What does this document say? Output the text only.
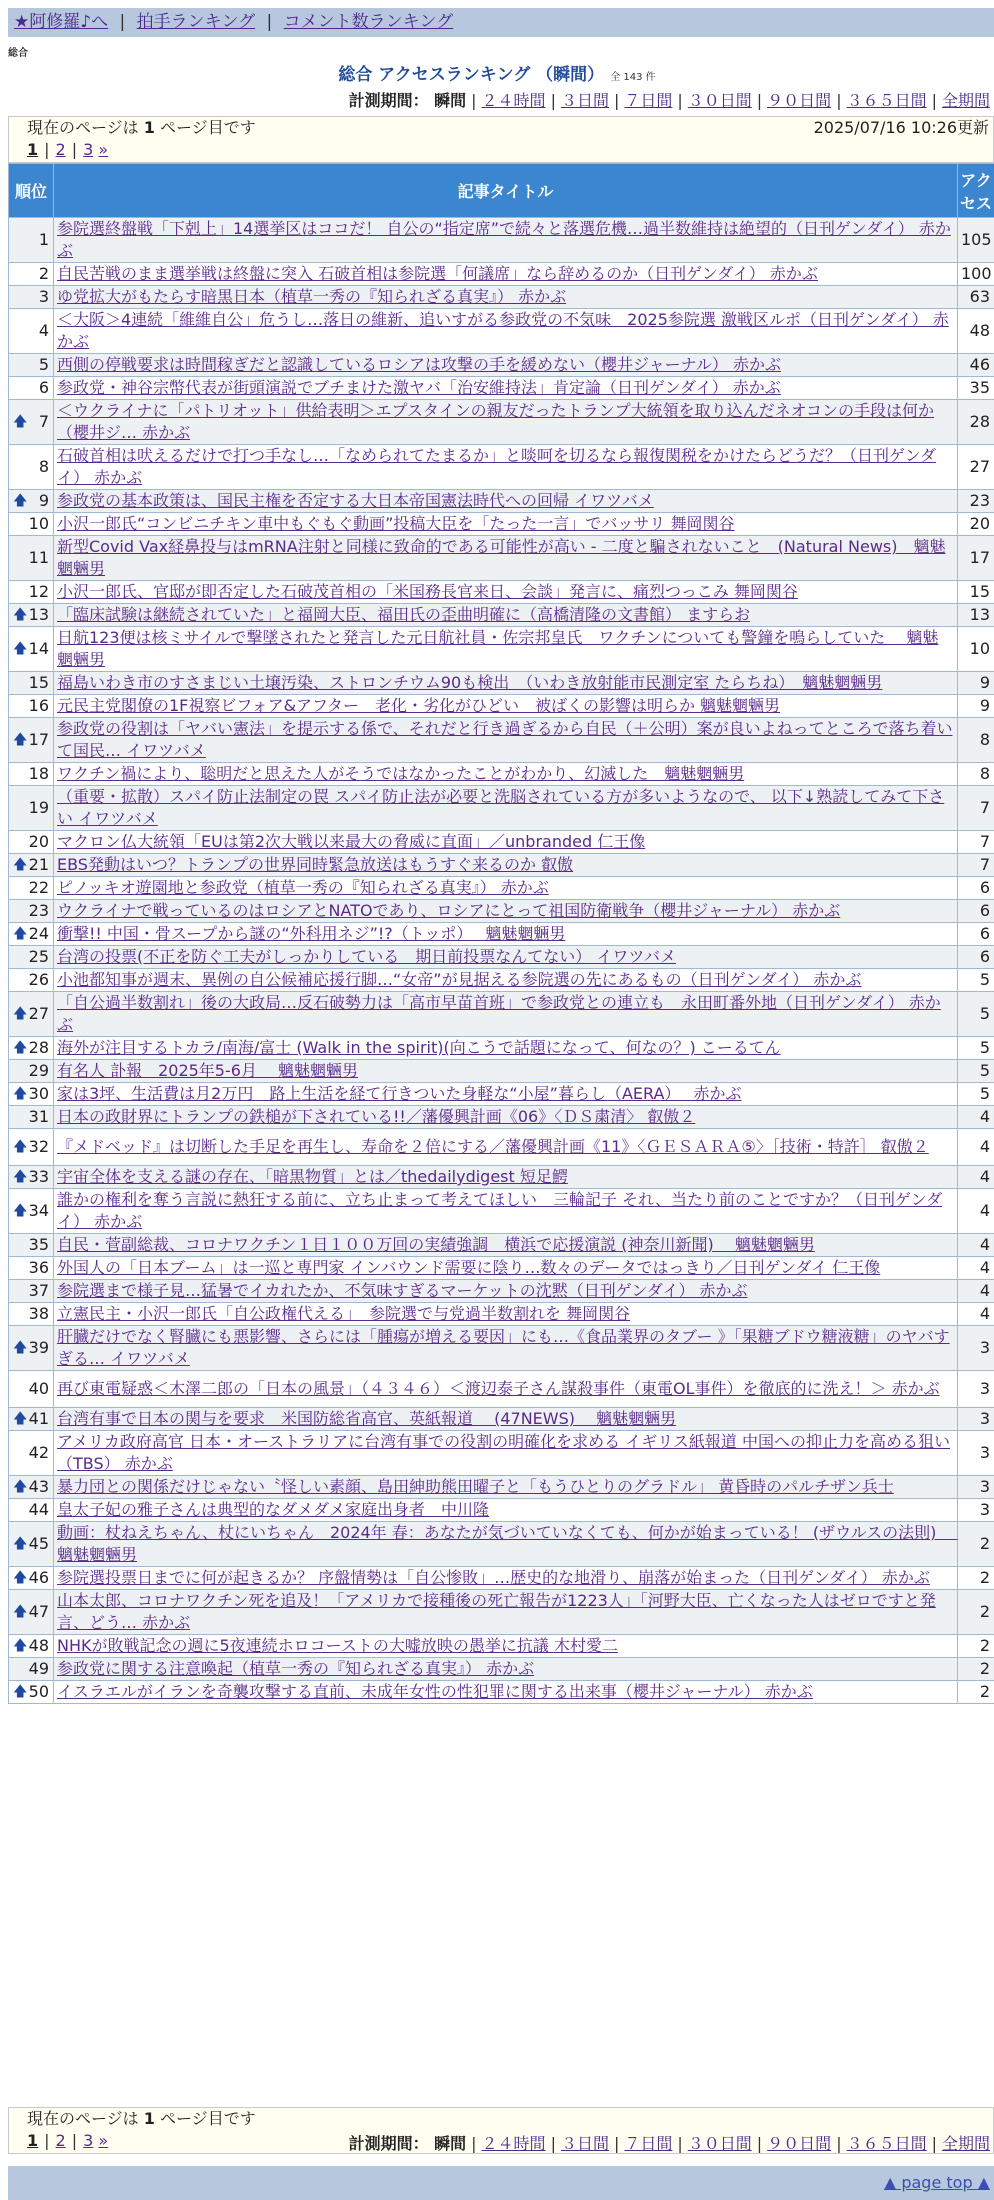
★阿修羅♪へ | 拍手ランキング | コメント数ランキング
総合
総合 アクセスランキング （瞬間） 全 143 件
計測期間： 瞬間 | ２４時間 | ３日間 | ７日間 | ３０日間 | ９０日間 | ３６５日間 | 全期間
現在のページは 1 ページ目です	2025/07/16 10:26更新
1 | 2 | 3 »
順位	記事タイトル	アクセス
1	参院選終盤戦「下剋上」14選挙区はココだ！ 自公の“指定席”で続々と落選危機…過半数維持は絶望的（日刊ゲンダイ） 赤かぶ	105
2	自民苦戦のまま選挙戦は終盤に突入 石破首相は参院選「何議席」なら辞めるのか（日刊ゲンダイ） 赤かぶ	100
3	ゆ党拡大がもたらす暗黒日本（植草一秀の『知られざる真実』） 赤かぶ	63
4	＜大阪＞4連続「維維自公」危うし…落日の維新、追いすがる参政党の不気味　2025参院選 激戦区ルポ（日刊ゲンダイ） 赤かぶ	48
5	西側の停戦要求は時間稼ぎだと認識しているロシアは攻撃の手を緩めない（櫻井ジャーナル） 赤かぶ	46
6	参政党・神谷宗幣代表が街頭演説でブチまけた激ヤバ「治安維持法」肯定論（日刊ゲンダイ） 赤かぶ	35

🡅 7	＜ウクライナに「パトリオット」供給表明＞エプスタインの親友だったトランプ大統領を取り込んだネオコンの手段は何か（櫻井ジ… 赤かぶ	28
8	石破首相は吠えるだけで打つ手なし…「なめられてたまるか」と啖呵を切るなら報復関税をかけたらどうだ？（日刊ゲンダイ） 赤かぶ	27

🡅 9	参政党の基本政策は、国民主権を否定する大日本帝国憲法時代への回帰 イワツバメ	23
10	小沢一郎氏“コンビニチキン車中もぐもぐ動画”投稿大臣を「たった一言」でバッサリ 舞岡関谷	20
11	新型Covid Vax経鼻投与はmRNA注射と同様に致命的である可能性が高い - 二度と騙されないこと　(Natural News)　魑魅魍魎男	17
12	小沢一郎氏、官邸が即否定した石破茂首相の「米国務長官来日、会談」発言に、痛烈つっこみ 舞岡関谷	15

🡅 13	「臨床試験は継続されていた」と福岡大臣、福田氏の歪曲明確に（高橋清隆の文書館） ますらお	13

🡅 14	日航123便は核ミサイルで撃墜されたと発言した元日航社員・佐宗邦皇氏　ワクチンについても警鐘を鳴らしていた　 魑魅魍魎男	10
15	福島いわき市のすさまじい土壌汚染、ストロンチウム90も検出　（いわき放射能市民測定室 たらちね）　魑魅魍魎男	9
16	元民主党閣僚の1F視察ビフォア&アフター　老化・劣化がひどい　被ばくの影響は明らか 魑魅魍魎男	9

🡅 17	参政党の役割は「ヤバい憲法」を提示する係で、それだと行き過ぎるから自民（＋公明）案が良いよねってところで落ち着いて国民… イワツバメ	8
18	ワクチン禍により、聡明だと思えた人がそうではなかったことがわかり、幻滅した　魑魅魍魎男	8
19	（重要・拡散）スパイ防止法制定の罠 スパイ防止法が必要と洗脳されている方が多いようなので、 以下↓熟読してみて下さい イワツバメ	7
20	マクロン仏大統領「EUは第2次大戦以来最大の脅威に直面」／unbranded 仁王像	7

🡅 21	EBS発動はいつ？トランプの世界同時緊急放送はもうすぐ来るのか 叡傲	7
22	ピノッキオ遊園地と参政党（植草一秀の『知られざる真実』） 赤かぶ	6
23	ウクライナで戦っているのはロシアとNATOであり、ロシアにとって祖国防衛戦争（櫻井ジャーナル） 赤かぶ	6

🡅 24	衝撃!! 中国・骨スープから謎の“外科用ネジ”!?（トッポ）　 魑魅魍魎男	6
25	台湾の投票(不正を防ぐ工夫がしっかりしている　期日前投票なんてない） イワツバメ	6
26	小池都知事が週末、異例の自公候補応援行脚…“女帝”が見据える参院選の先にあるもの（日刊ゲンダイ） 赤かぶ	5

🡅 27	「自公過半数割れ」後の大政局…反石破勢力は「高市早苗首班」で参政党との連立も　永田町番外地（日刊ゲンダイ） 赤かぶ	5

🡅 28	海外が注目するトカラ/南海/富士 (Walk in the spirit)(向こうで話題になって、何なの？) こーるてん	5
29	有名人 訃報　2025年5-6月　 魑魅魍魎男	5

🡅 30	家は3坪、生活費は月2万円　路上生活を経て行きついた身軽な“小屋”暮らし（AERA）　 赤かぶ	5
31	日本の政財界にトランプの鉄槌が下されている!!／藩優興計画《06》〈ＤＳ粛清〉 叡傲２	4

🡅 32	『メドベッド』は切断した手足を再生し、寿命を２倍にする／藩優興計画《11》〈ＧＥＳＡＲＡ⑤〉［技術・特許］ 叡傲２	4

🡅 33	宇宙全体を支える謎の存在、「暗黒物質」とは／thedailydigest 短足鰐	4

🡅 34	誰かの権利を奪う言説に熱狂する前に、立ち止まって考えてほしい　三輪記子 それ、当たり前のことですか？（日刊ゲンダイ） 赤かぶ	4
35	自民・菅副総裁、コロナワクチン１日１００万回の実績強調　横浜で応援演説 (神奈川新聞)　 魑魅魍魎男	4
36	外国人の「日本ブーム」は一巡と専門家 インバウンド需要に陰り…数々のデータではっきり／日刊ゲンダイ 仁王像	4
37	参院選まで様子見…猛暑でイカれたか、不気味すぎるマーケットの沈黙（日刊ゲンダイ） 赤かぶ	4
38	立憲民主・小沢一郎氏「自公政権代える」　参院選で与党過半数割れを 舞岡関谷	4

🡅 39	肝臓だけでなく腎臓にも悪影響、さらには「腫瘍が増える要因」にも…《食品業界のタブー 》「果糖ブドウ糖液糖」のヤバすぎる… イワツバメ	3
40	再び東電疑惑＜木澤二郎の「日本の風景」（４３４６）＜渡辺泰子さん謀殺事件（東電OL事件）を徹底的に洗え！＞ 赤かぶ	3

🡅 41	台湾有事で日本の関与を要求　米国防総省高官、英紙報道　 (47NEWS)　 魑魅魍魎男	3
42	アメリカ政府高官 日本・オーストラリアに台湾有事での役割の明確化を求める イギリス紙報道 中国への抑止力を高める狙い（TBS） 赤かぶ	3

🡅 43	暴力団との関係だけじゃない〝怪しい素顔、島田紳助熊田曜子と「もうひとりのグラドル」 黄昏時のパルチザン兵士	3
44	皇太子妃の雅子さんは典型的なダメダメ家庭出身者　中川隆	3

🡅 45	動画：杖ねえちゃん、杖にいちゃん　2024年 春：あなたが気づいていなくても、何かが始まっている！ (ザウルスの法則)　 魑魅魍魎男	2

🡅 46	参院選投票日までに何が起きるか？ 序盤情勢は「自公惨敗」…歴史的な地滑り、崩落が始まった（日刊ゲンダイ） 赤かぶ	2

🡅 47	山本太郎、コロナワクチン死を追及！「アメリカで接種後の死亡報告が1223人」「河野大臣、亡くなった人はゼロですと発言、どう… 赤かぶ	2

🡅 48	NHKが敗戦記念の週に5夜連続ホロコーストの大嘘放映の愚挙に抗議 木村愛二	2
49	参政党に関する注意喚起（植草一秀の『知られざる真実』） 赤かぶ	2

🡅 50	イスラエルがイランを奇襲攻撃する直前、未成年女性の性犯罪に関する出来事（櫻井ジャーナル） 赤かぶ	2
現在のページは 1 ページ目です
1 | 2 | 3 »	計測期間： 瞬間 | ２４時間 | ３日間 | ７日間 | ３０日間 | ９０日間 | ３６５日間 | 全期間
▲ page top ▲
